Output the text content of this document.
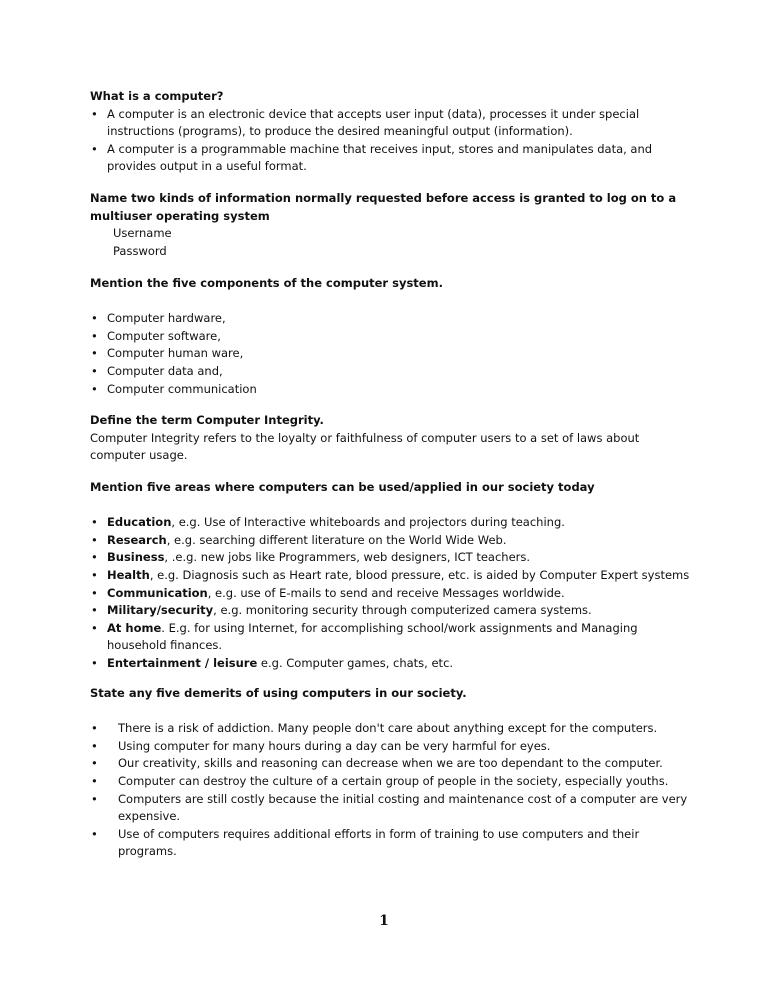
What is a computer?

• A computer is an electronic device that accepts user input (data), processes it under special instructions (programs), to produce the desired meaningful output (information).
• A computer is a programmable machine that receives input, stores and manipulates data, and provides output in a useful format.

Name two kinds of information normally requested before access is granted to log on to a multiuser operating system

Username

Password

Mention the five components of the computer system.

• Computer hardware,
• Computer software,
• Computer human ware,
• Computer data and,
• Computer communication

Define the term Computer Integrity.

Computer Integrity refers to the loyalty or faithfulness of computer users to a set of laws about computer usage.

Mention five areas where computers can be used/applied in our society today

• Education, e.g. Use of Interactive whiteboards and projectors during teaching.
• Research, e.g. searching different literature on the World Wide Web.
• Business, .e.g. new jobs like Programmers, web designers, ICT teachers.
• Health, e.g. Diagnosis such as Heart rate, blood pressure, etc. is aided by Computer Expert systems
• Communication, e.g. use of E-mails to send and receive Messages worldwide.
• Military/security, e.g. monitoring security through computerized camera systems.
• At home. E.g. for using Internet, for accomplishing school/work assignments and Managing household finances.
• Entertainment / leisure e.g. Computer games, chats, etc.

State any five demerits of using computers in our society.

• There is a risk of addiction. Many people don't care about anything except for the computers.
• Using computer for many hours during a day can be very harmful for eyes.
• Our creativity, skills and reasoning can decrease when we are too dependant to the computer.
• Computer can destroy the culture of a certain group of people in the society, especially youths.
• Computers are still costly because the initial costing and maintenance cost of a computer are very expensive.
• Use of computers requires additional efforts in form of training to use computers and their programs.
1
